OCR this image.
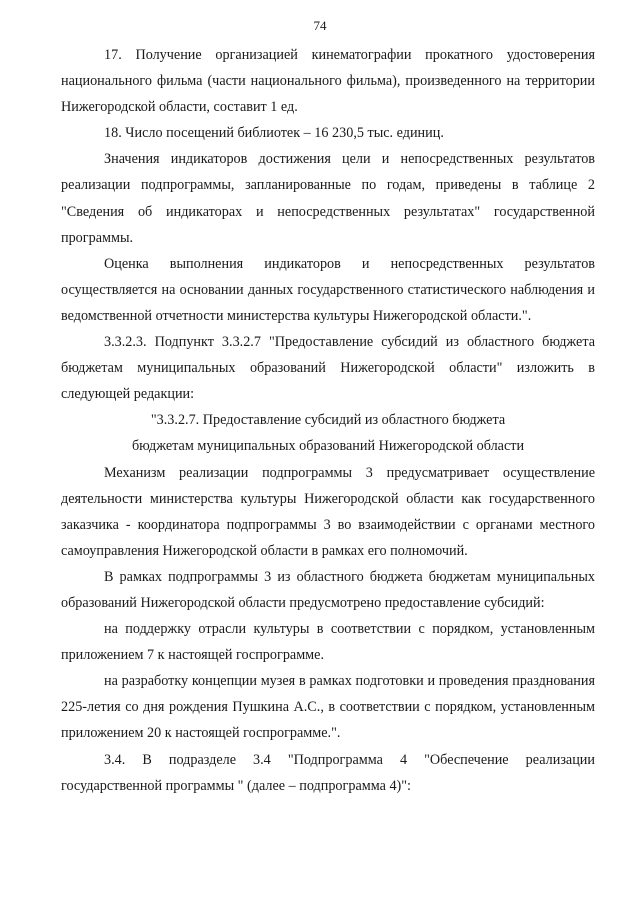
74

17. Получение организацией кинематографии прокатного удостоверения национального фильма (части национального фильма), произведенного на территории Нижегородской области, составит 1 ед.

18. Число посещений библиотек – 16 230,5 тыс. единиц.

Значения индикаторов достижения цели и непосредственных результатов реализации подпрограммы, запланированные по годам, приведены в таблице 2 "Сведения об индикаторах и непосредственных результатах" государственной программы.

Оценка выполнения индикаторов и непосредственных результатов осуществляется на основании данных государственного статистического наблюдения и ведомственной отчетности министерства культуры Нижегородской области.".

3.3.2.3. Подпункт 3.3.2.7 "Предоставление субсидий из областного бюджета бюджетам муниципальных образований Нижегородской области" изложить в следующей редакции:

"3.3.2.7. Предоставление субсидий из областного бюджета

бюджетам муниципальных образований Нижегородской области

Механизм реализации подпрограммы 3 предусматривает осуществление деятельности министерства культуры Нижегородской области как государственного заказчика - координатора подпрограммы 3 во взаимодействии с органами местного самоуправления Нижегородской области в рамках его полномочий.

В рамках подпрограммы 3 из областного бюджета бюджетам муниципальных образований Нижегородской области предусмотрено предоставление субсидий:

на поддержку отрасли культуры в соответствии с порядком, установленным приложением 7 к настоящей госпрограмме.

на разработку концепции музея в рамках подготовки и проведения празднования 225-летия со дня рождения Пушкина А.С., в соответствии с порядком, установленным приложением 20 к настоящей госпрограмме.".

3.4. В подразделе 3.4 "Подпрограмма 4 "Обеспечение реализации государственной программы " (далее – подпрограмма 4)":
